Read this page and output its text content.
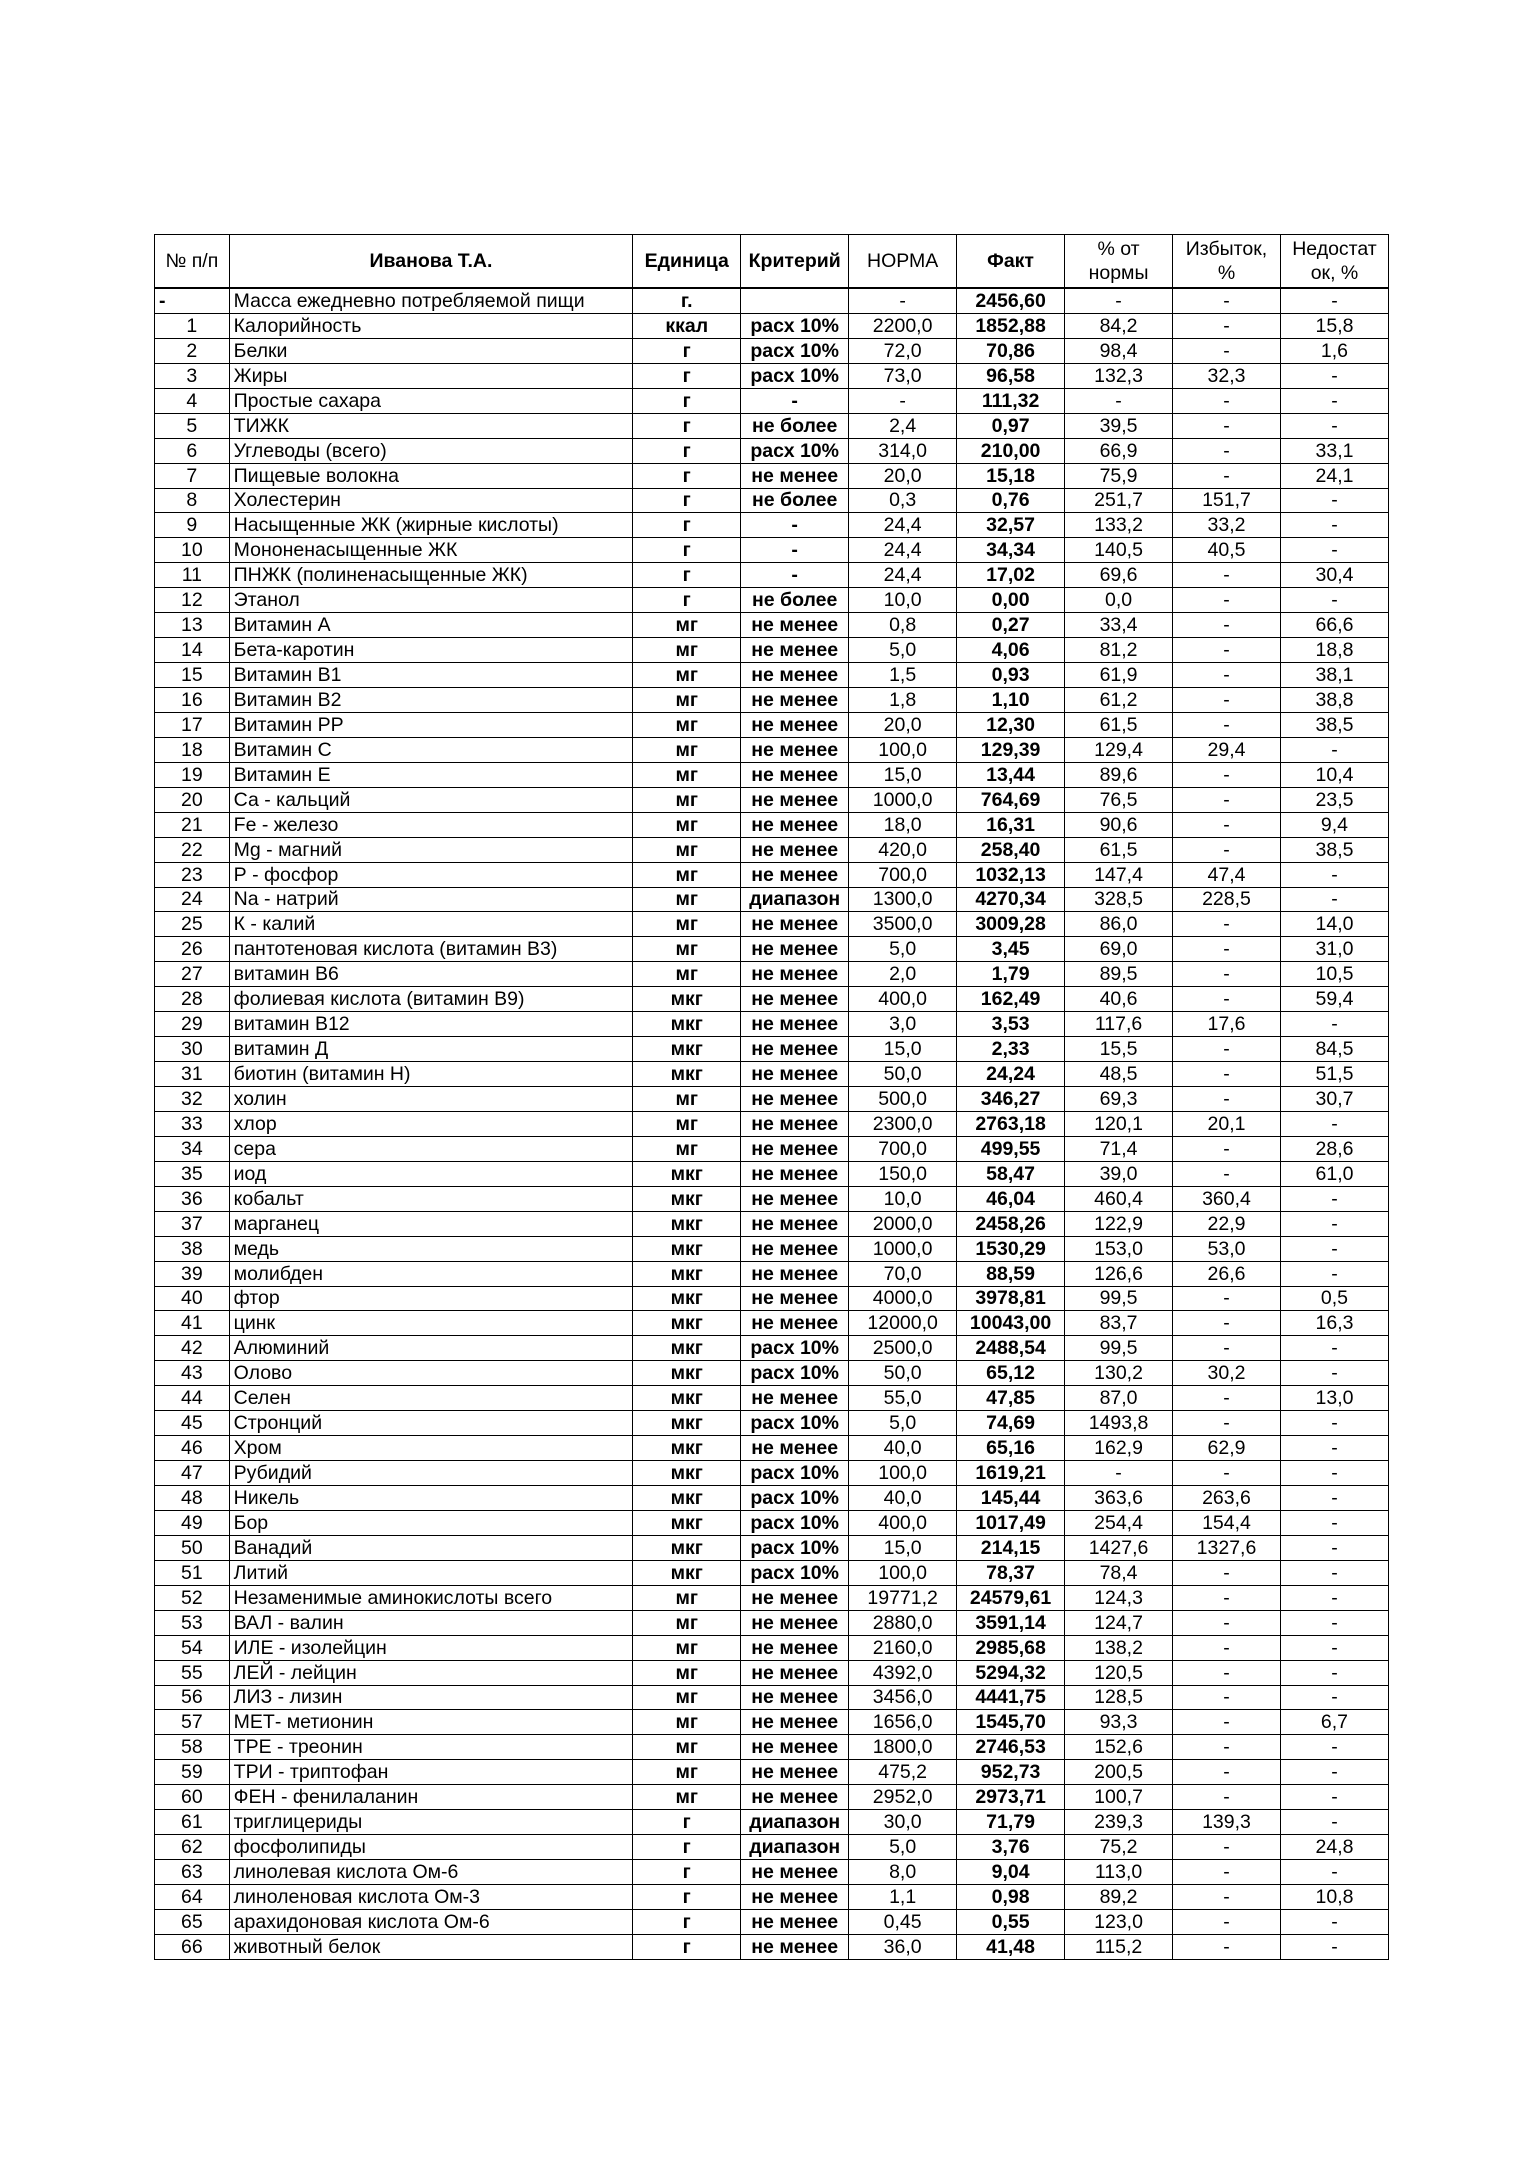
№ п/п	Иванова Т.А.	Единица	Критерий	НОРМА	Факт	% от нормы	Избыток, %	Недостат ок, %
-	Масса ежедневно потребляемой пищи	г.		-	2456,60	-	-	-
1	Калорийность	ккал	расх 10%	2200,0	1852,88	84,2	-	15,8
2	Белки	г	расх 10%	72,0	70,86	98,4	-	1,6
3	Жиры	г	расх 10%	73,0	96,58	132,3	32,3	-
4	Простые сахара	г	-	-	111,32	-	-	-
5	ТИЖК	г	не более	2,4	0,97	39,5	-	-
6	Углеводы (всего)	г	расх 10%	314,0	210,00	66,9	-	33,1
7	Пищевые волокна	г	не менее	20,0	15,18	75,9	-	24,1
8	Холестерин	г	не более	0,3	0,76	251,7	151,7	-
9	Насыщенные ЖК (жирные кислоты)	г	-	24,4	32,57	133,2	33,2	-
10	Мононенасыщенные ЖК	г	-	24,4	34,34	140,5	40,5	-
11	ПНЖК (полиненасыщенные ЖК)	г	-	24,4	17,02	69,6	-	30,4
12	Этанол	г	не более	10,0	0,00	0,0	-	-
13	Витамин А	мг	не менее	0,8	0,27	33,4	-	66,6
14	Бета-каротин	мг	не менее	5,0	4,06	81,2	-	18,8
15	Витамин В1	мг	не менее	1,5	0,93	61,9	-	38,1
16	Витамин В2	мг	не менее	1,8	1,10	61,2	-	38,8
17	Витамин РР	мг	не менее	20,0	12,30	61,5	-	38,5
18	Витамин С	мг	не менее	100,0	129,39	129,4	29,4	-
19	Витамин Е	мг	не менее	15,0	13,44	89,6	-	10,4
20	Са - кальций	мг	не менее	1000,0	764,69	76,5	-	23,5
21	Fe - железо	мг	не менее	18,0	16,31	90,6	-	9,4
22	Mg - магний	мг	не менее	420,0	258,40	61,5	-	38,5
23	Р - фосфор	мг	не менее	700,0	1032,13	147,4	47,4	-
24	Na - натрий	мг	диапазон	1300,0	4270,34	328,5	228,5	-
25	К - калий	мг	не менее	3500,0	3009,28	86,0	-	14,0
26	пантотеновая кислота (витамин В3)	мг	не менее	5,0	3,45	69,0	-	31,0
27	витамин В6	мг	не менее	2,0	1,79	89,5	-	10,5
28	фолиевая кислота (витамин В9)	мкг	не менее	400,0	162,49	40,6	-	59,4
29	витамин В12	мкг	не менее	3,0	3,53	117,6	17,6	-
30	витамин Д	мкг	не менее	15,0	2,33	15,5	-	84,5
31	биотин (витамин Н)	мкг	не менее	50,0	24,24	48,5	-	51,5
32	холин	мг	не менее	500,0	346,27	69,3	-	30,7
33	хлор	мг	не менее	2300,0	2763,18	120,1	20,1	-
34	сера	мг	не менее	700,0	499,55	71,4	-	28,6
35	иод	мкг	не менее	150,0	58,47	39,0	-	61,0
36	кобальт	мкг	не менее	10,0	46,04	460,4	360,4	-
37	марганец	мкг	не менее	2000,0	2458,26	122,9	22,9	-
38	медь	мкг	не менее	1000,0	1530,29	153,0	53,0	-
39	молибден	мкг	не менее	70,0	88,59	126,6	26,6	-
40	фтор	мкг	не менее	4000,0	3978,81	99,5	-	0,5
41	цинк	мкг	не менее	12000,0	10043,00	83,7	-	16,3
42	Алюминий	мкг	расх 10%	2500,0	2488,54	99,5	-	-
43	Олово	мкг	расх 10%	50,0	65,12	130,2	30,2	-
44	Селен	мкг	не менее	55,0	47,85	87,0	-	13,0
45	Стронций	мкг	расх 10%	5,0	74,69	1493,8	-	-
46	Хром	мкг	не менее	40,0	65,16	162,9	62,9	-
47	Рубидий	мкг	расх 10%	100,0	1619,21	-	-	-
48	Никель	мкг	расх 10%	40,0	145,44	363,6	263,6	-
49	Бор	мкг	расх 10%	400,0	1017,49	254,4	154,4	-
50	Ванадий	мкг	расх 10%	15,0	214,15	1427,6	1327,6	-
51	Литий	мкг	расх 10%	100,0	78,37	78,4	-	-
52	Незаменимые аминокислоты всего	мг	не менее	19771,2	24579,61	124,3	-	-
53	ВАЛ - валин	мг	не менее	2880,0	3591,14	124,7	-	-
54	ИЛЕ - изолейцин	мг	не менее	2160,0	2985,68	138,2	-	-
55	ЛЕЙ - лейцин	мг	не менее	4392,0	5294,32	120,5	-	-
56	ЛИЗ - лизин	мг	не менее	3456,0	4441,75	128,5	-	-
57	МЕТ- метионин	мг	не менее	1656,0	1545,70	93,3	-	6,7
58	ТРЕ - треонин	мг	не менее	1800,0	2746,53	152,6	-	-
59	ТРИ - триптофан	мг	не менее	475,2	952,73	200,5	-	-
60	ФЕН - фенилаланин	мг	не менее	2952,0	2973,71	100,7	-	-
61	триглицериды	г	диапазон	30,0	71,79	239,3	139,3	-
62	фосфолипиды	г	диапазон	5,0	3,76	75,2	-	24,8
63	линолевая кислота Ом-6	г	не менее	8,0	9,04	113,0	-	-
64	линоленовая кислота Ом-3	г	не менее	1,1	0,98	89,2	-	10,8
65	арахидоновая кислота Ом-6	г	не менее	0,45	0,55	123,0	-	-
66	животный белок	г	не менее	36,0	41,48	115,2	-	-
